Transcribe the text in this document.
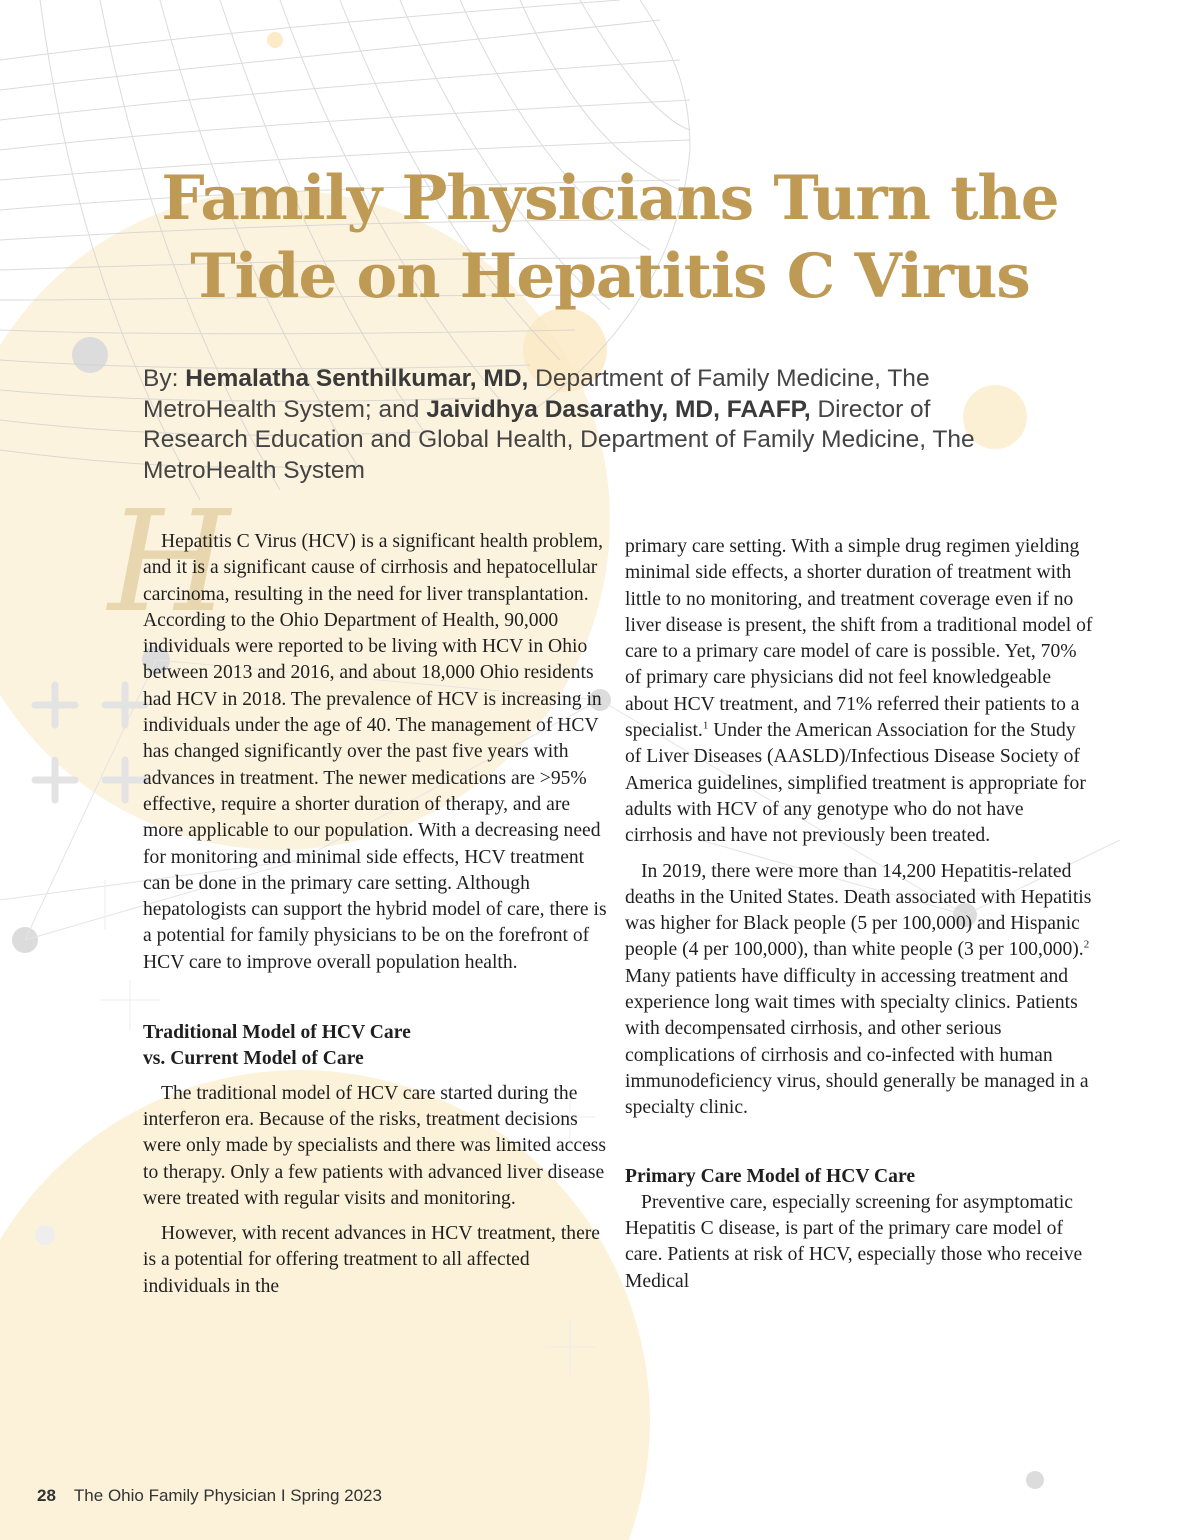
H
Family Physicians Turn the
Tide on Hepatitis C Virus
By: Hemalatha Senthilkumar, MD, Department of Family Medicine, The MetroHealth System; and Jaividhya Dasarathy, MD, FAAFP, Director of Research Education and Global Health, Department of Family Medicine, The MetroHealth System

Hepatitis C Virus (HCV) is a significant health problem, and it is a significant cause of cirrhosis and hepatocellular carcinoma, resulting in the need for liver transplantation. According to the Ohio Department of Health, 90,000 individuals were reported to be living with HCV in Ohio between 2013 and 2016, and about 18,000 Ohio residents had HCV in 2018. The prevalence of HCV is increasing in individuals under the age of 40. The management of HCV has changed significantly over the past five years with advances in treatment. The newer medications are >95% effective, require a shorter duration of therapy, and are more applicable to our population. With a decreasing need for monitoring and minimal side effects, HCV treatment can be done in the primary care setting. Although hepatologists can support the hybrid model of care, there is a potential for family physicians to be on the forefront of HCV care to improve overall population health.

Traditional Model of HCV Care
vs. Current Model of Care

The traditional model of HCV care started during the interferon era. Because of the risks, treatment decisions were only made by specialists and there was limited access to therapy. Only a few patients with advanced liver disease were treated with regular visits and monitoring.

However, with recent advances in HCV treatment, there is a potential for offering treatment to all affected individuals in the

primary care setting. With a simple drug regimen yielding minimal side effects, a shorter duration of treatment with little to no monitoring, and treatment coverage even if no liver disease is present, the shift from a traditional model of care to a primary care model of care is possible. Yet, 70% of primary care physicians did not feel knowledgeable about HCV treatment, and 71% referred their patients to a specialist.$^1$ Under the American Association for the Study of Liver Diseases (AASLD)/Infectious Disease Society of America guidelines, simplified treatment is appropriate for adults with HCV of any genotype who do not have cirrhosis and have not previously been treated.

In 2019, there were more than 14,200 Hepatitis-related deaths in the United States. Death associated with Hepatitis was higher for Black people (5 per 100,000) and Hispanic people (4 per 100,000), than white people (3 per 100,000).$^2$ Many patients have difficulty in accessing treatment and experience long wait times with specialty clinics. Patients with decompensated cirrhosis, and other serious complications of cirrhosis and co-infected with human immunodeficiency virus, should generally be managed in a specialty clinic.

Primary Care Model of HCV Care

Preventive care, especially screening for asymptomatic Hepatitis C disease, is part of the primary care model of care. Patients at risk of HCV, especially those who receive Medical

28 The Ohio Family Physician I Spring 2023
